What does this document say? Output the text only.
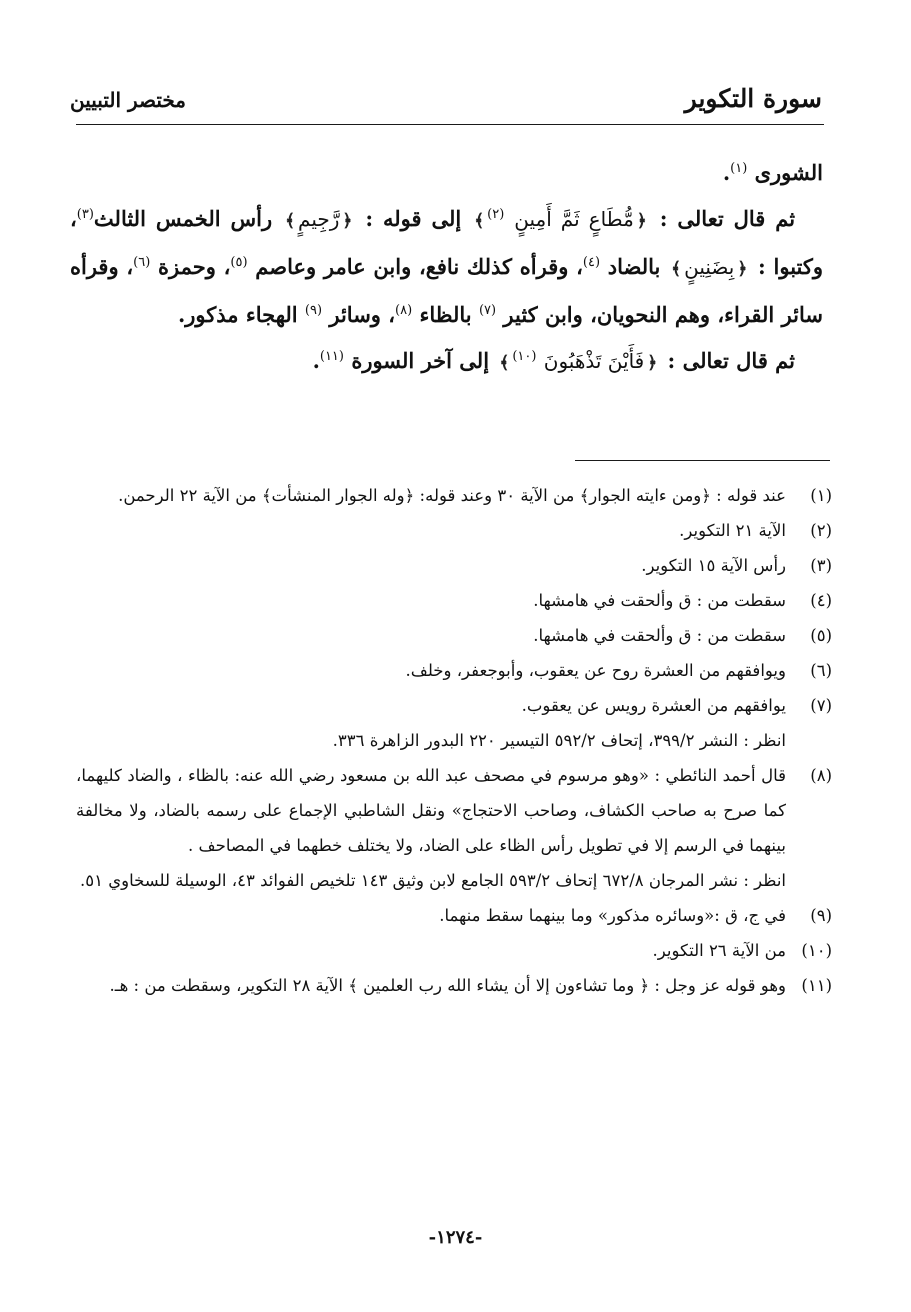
سورة التكوير
مختصر التبيين

الشورى $^{(١)}$.

ثم قال تعالى : ﴿مُّطَاعٍ ثَمَّ أَمِينٍ $^{(٢)}$﴾ إلى قوله : ﴿رَّجِيمٍ﴾ رأس الخمس الثالث$^{(٣)}$، وكتبوا : ﴿بِضَنِينٍ﴾ بالضاد $^{(٤)}$، وقرأه كذلك نافع، وابن عامر وعاصم $^{(٥)}$، وحمزة $^{(٦)}$، وقرأه سائر القراء، وهم النحويان، وابن كثير $^{(٧)}$ بالظاء $^{(٨)}$، وسائر $^{(٩)}$ الهجاء مذكور.

ثم قال تعالى : ﴿فَأَيْنَ تَذْهَبُونَ $^{(١٠)}$﴾ إلى آخر السورة $^{(١١)}$.

(١)
عند قوله : ﴿ومن ءايته الجوار﴾ من الآية ٣٠ وعند قوله: ﴿وله الجوار المنشأت﴾ من الآية ٢٢ الرحمن.
(٢)
الآية ٢١ التكوير.
(٣)
رأس الآية ١٥ التكوير.
(٤)
سقطت من : ق وألحقت في هامشها.
(٥)
سقطت من : ق وألحقت في هامشها.
(٦)
ويوافقهم من العشرة روح عن يعقوب، وأبوجعفر، وخلف.
(٧)
يوافقهم من العشرة رويس عن يعقوب.
انظر : النشر ٣٩٩/٢، إتحاف ٥٩٢/٢ التيسير ٢٢٠ البدور الزاهرة ٣٣٦.
(٨)
قال أحمد النائطي : «وهو مرسوم في مصحف عبد الله بن مسعود رضي الله عنه: بالظاء ، والضاد كليهما، كما صرح به صاحب الكشاف، وصاحب الاحتجاج» ونقل الشاطبي الإجماع على رسمه بالضاد، ولا مخالفة بينهما في الرسم إلا في تطويل رأس الظاء على الضاد، ولا يختلف خطهما في المصاحف .
انظر : نشر المرجان ٦٧٢/٨ إتحاف ٥٩٣/٢ الجامع لابن وثيق ١٤٣ تلخيص الفوائد ٤٣، الوسيلة للسخاوي ٥١.
(٩)
في ج، ق :«وسائره مذكور» وما بينهما سقط منهما.
(١٠)
من الآية ٢٦ التكوير.
(١١)
وهو قوله عز وجل : ﴿ وما تشاءون إلا أن يشاء الله رب العلمين ﴾ الآية ٢٨ التكوير، وسقطت من : هـ.
-١٢٧٤-
